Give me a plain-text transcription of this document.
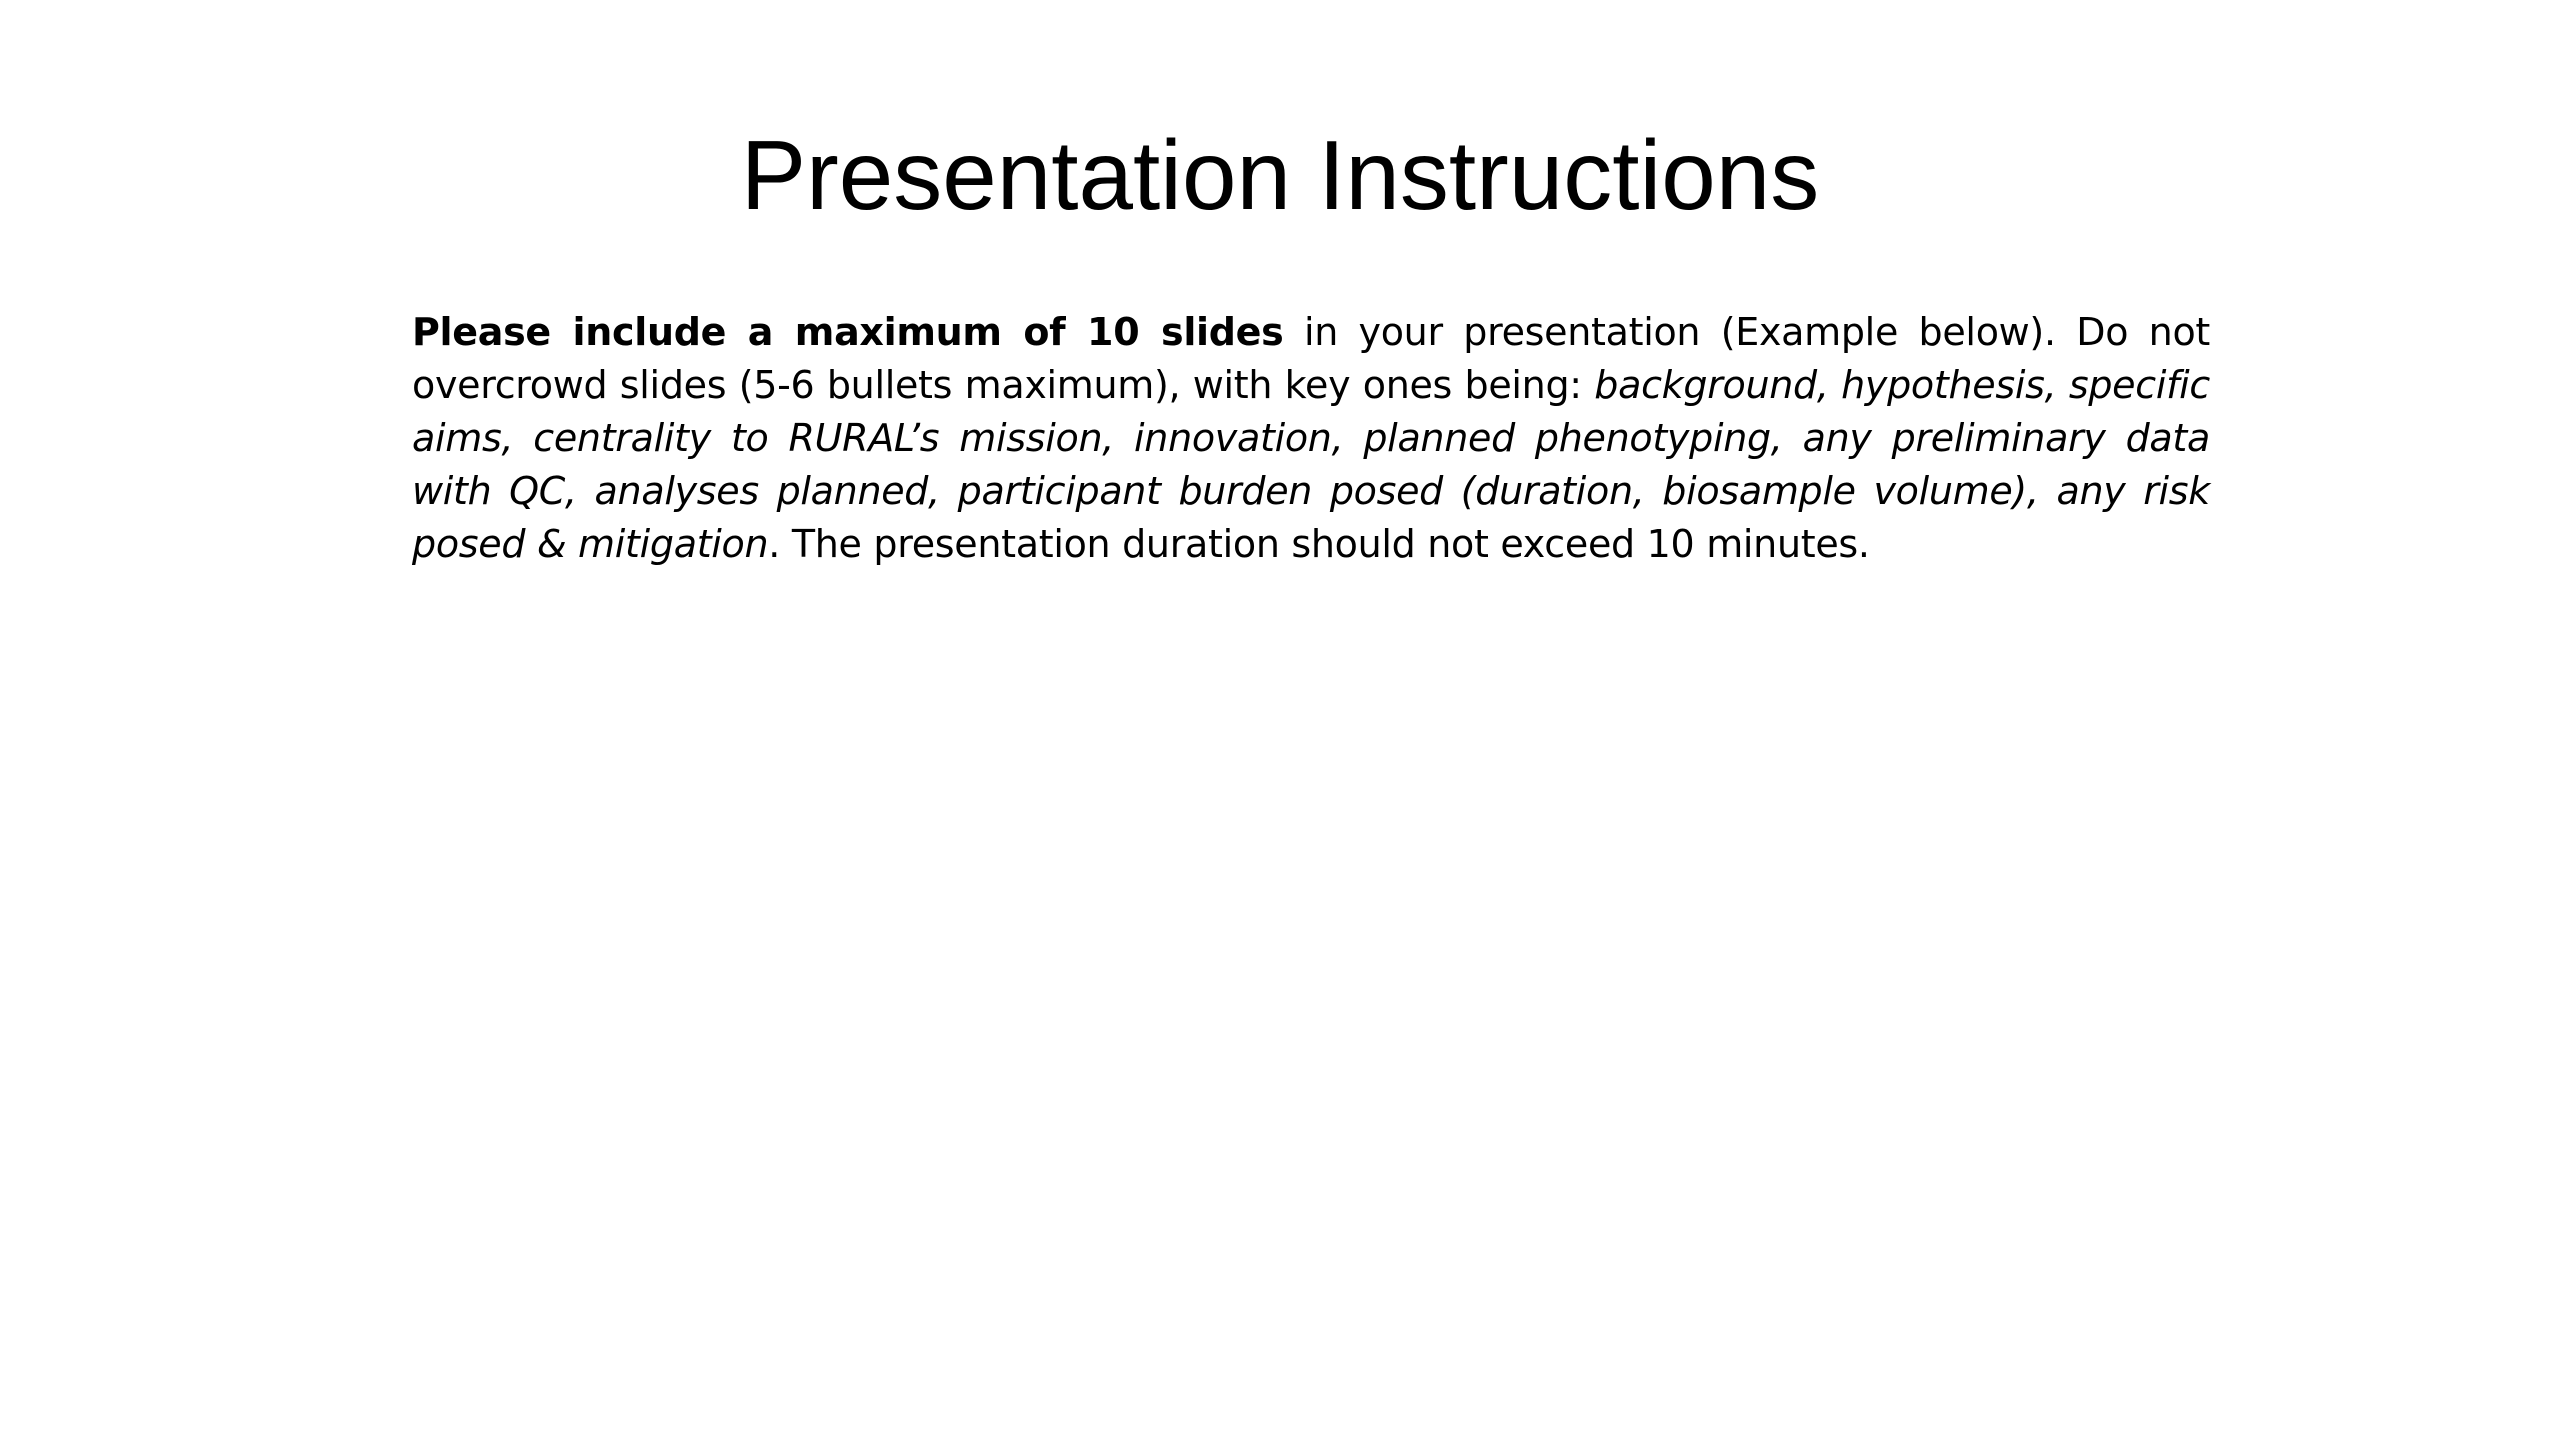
Presentation Instructions

Please include a maximum of 10 slides in your presentation (Example below). Do not overcrowd slides (5-6 bullets maximum), with key ones being: background, hypothesis, specific aims, centrality to RURAL’s mission, innovation, planned phenotyping, any preliminary data with QC, analyses planned, participant burden posed (duration, biosample volume), any risk posed & mitigation. The presentation duration should not exceed 10 minutes.
